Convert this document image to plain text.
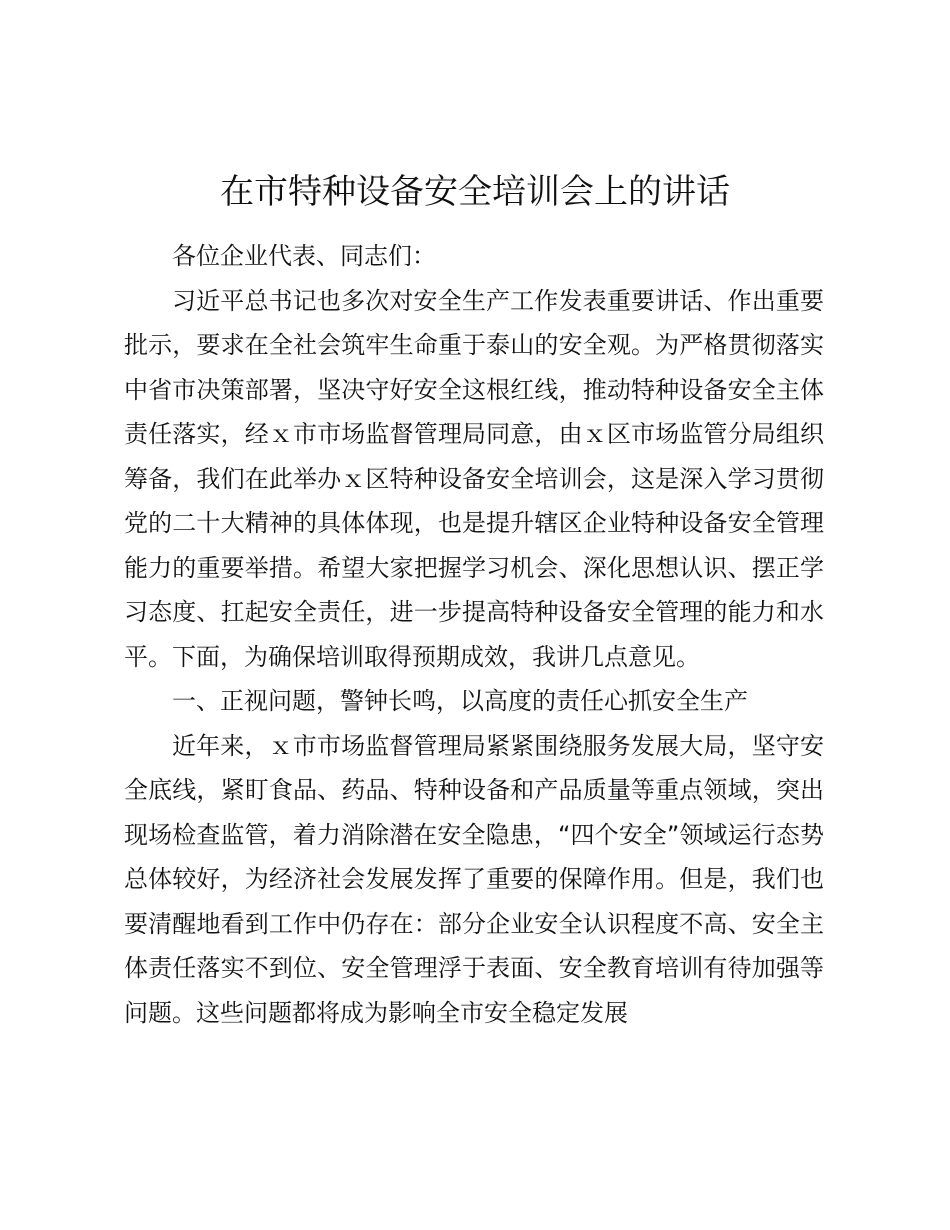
在市特种设备安全培训会上的讲话

各位企业代表、同志们：

习近平总书记也多次对安全生产工作发表重要讲话、作出重要批示，要求在全社会筑牢生命重于泰山的安全观。为严格贯彻落实中省市决策部署，坚决守好安全这根红线，推动特种设备安全主体责任落实，经ｘ市市场监督管理局同意，由ｘ区市场监管分局组织筹备，我们在此举办ｘ区特种设备安全培训会，这是深入学习贯彻党的二十大精神的具体体现，也是提升辖区企业特种设备安全管理能力的重要举措。希望大家把握学习机会、深化思想认识、摆正学习态度、扛起安全责任，进一步提高特种设备安全管理的能力和水平。下面，为确保培训取得预期成效，我讲几点意见。

一、正视问题，警钟长鸣，以高度的责任心抓安全生产

近年来，ｘ市市场监督管理局紧紧围绕服务发展大局，坚守安全底线，紧盯食品、药品、特种设备和产品质量等重点领域，突出现场检查监管，着力消除潜在安全隐患，“四个安全”领域运行态势总体较好，为经济社会发展发挥了重要的保障作用。但是，我们也要清醒地看到工作中仍存在：部分企业安全认识程度不高、安全主体责任落实不到位、安全管理浮于表面、安全教育培训有待加强等问题。这些问题都将成为影响全市安全稳定发展
